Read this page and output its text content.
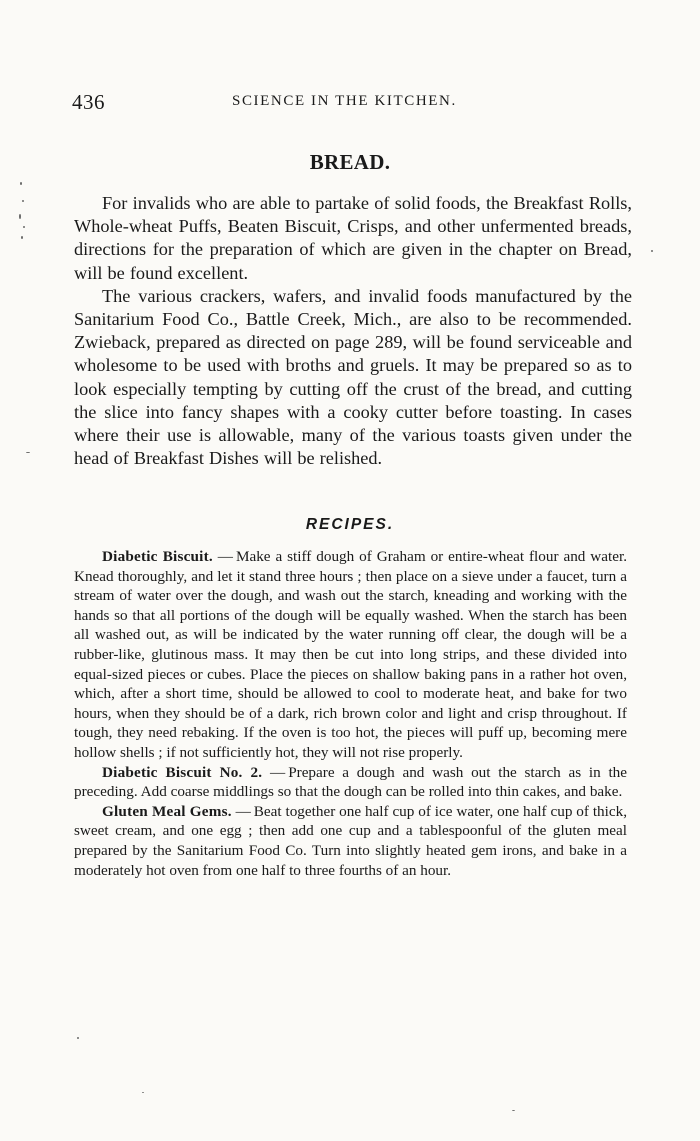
436	SCIENCE IN THE KITCHEN.
BREAD.

For invalids who are able to partake of solid foods, the Breakfast Rolls, Whole-wheat Puffs, Beaten Biscuit, Crisps, and other unfermented breads, directions for the preparation of which are given in the chapter on Bread, will be found excellent.

The various crackers, wafers, and invalid foods manufactured by the Sanitarium Food Co., Battle Creek, Mich., are also to be recommended. Zwieback, prepared as directed on page 289, will be found serviceable and wholesome to be used with broths and gruels. It may be prepared so as to look especially tempting by cutting off the crust of the bread, and cutting the slice into fancy shapes with a cooky cutter before toasting. In cases where their use is allowable, many of the various toasts given under the head of Breakfast Dishes will be relished.

RECIPES.

Diabetic Biscuit. — Make a stiff dough of Graham or entire-wheat flour and water. Knead thoroughly, and let it stand three hours ; then place on a sieve under a faucet, turn a stream of water over the dough, and wash out the starch, kneading and working with the hands so that all portions of the dough will be equally washed. When the starch has been all washed out, as will be indicated by the water running off clear, the dough will be a rubber-like, glutinous mass. It may then be cut into long strips, and these divided into equal-sized pieces or cubes. Place the pieces on shallow baking pans in a rather hot oven, which, after a short time, should be allowed to cool to moderate heat, and bake for two hours, when they should be of a dark, rich brown color and light and crisp throughout. If tough, they need rebaking. If the oven is too hot, the pieces will puff up, becoming mere hollow shells ; if not sufficiently hot, they will not rise properly.

Diabetic Biscuit No. 2. — Prepare a dough and wash out the starch as in the preceding. Add coarse middlings so that the dough can be rolled into thin cakes, and bake.

Gluten Meal Gems. — Beat together one half cup of ice water, one half cup of thick, sweet cream, and one egg ; then add one cup and a tablespoonful of the gluten meal prepared by the Sanitarium Food Co. Turn into slightly heated gem irons, and bake in a moderately hot oven from one half to three fourths of an hour.
